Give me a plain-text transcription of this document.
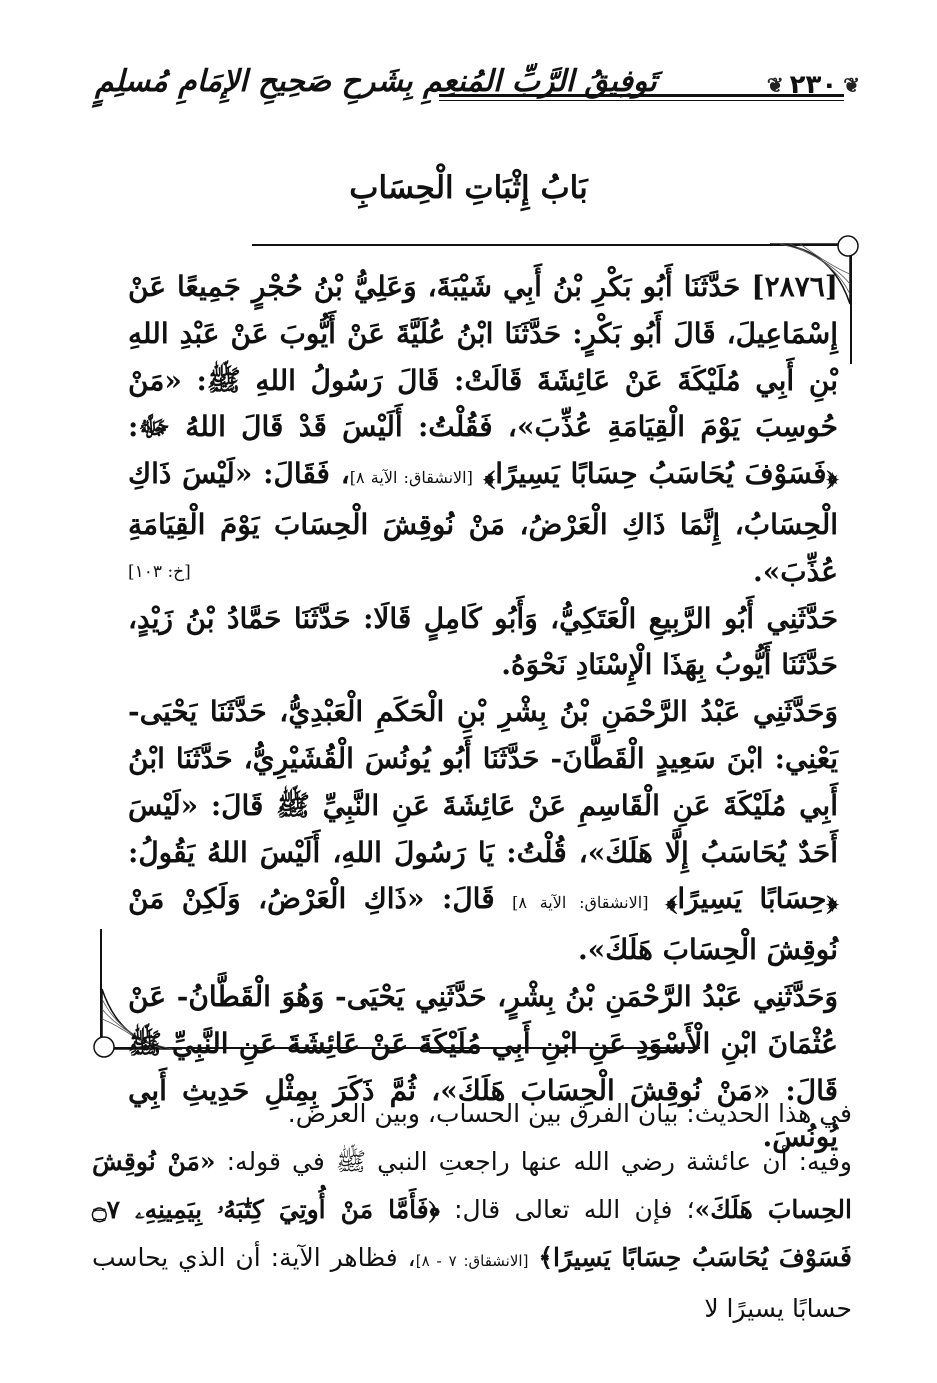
تَوفِيقُ الرَّبِّ المُنعِمِ بِشَرحِ صَحِيحِ الإِمَامِ مُسلِمٍ	❦
٢٣٠
❦
بَابُ إِثْبَاتِ الْحِسَابِ

[٢٨٧٦] حَدَّثَنَا أَبُو بَكْرِ بْنُ أَبِي شَيْبَةَ، وَعَلِيُّ بْنُ حُجْرٍ جَمِيعًا عَنْ إِسْمَاعِيلَ، قَالَ أَبُو بَكْرٍ: حَدَّثَنَا ابْنُ عُلَيَّةَ عَنْ أَيُّوبَ عَنْ عَبْدِ اللهِ بْنِ أَبِي مُلَيْكَةَ عَنْ عَائِشَةَ قَالَتْ: قَالَ رَسُولُ اللهِ ﷺ: «مَنْ حُوسِبَ يَوْمَ الْقِيَامَةِ عُذِّبَ»، فَقُلْتُ: أَلَيْسَ قَدْ قَالَ اللهُ ﷻ: ﴿فَسَوْفَ يُحَاسَبُ حِسَابًا يَسِيرًا﴾ [الانشقاق: الآية ٨]، فَقَالَ: «لَيْسَ ذَاكِ الْحِسَابُ، إِنَّمَا ذَاكِ الْعَرْضُ، مَنْ نُوقِشَ الْحِسَابَ يَوْمَ الْقِيَامَةِ عُذِّبَ».
[خ: ١٠٣]

حَدَّثَنِي أَبُو الرَّبِيعِ الْعَتَكِيُّ، وَأَبُو كَامِلٍ قَالَا: حَدَّثَنَا حَمَّادُ بْنُ زَيْدٍ، حَدَّثَنَا أَيُّوبُ بِهَذَا الْإِسْنَادِ نَحْوَهُ.

وَحَدَّثَنِي عَبْدُ الرَّحْمَنِ بْنُ بِشْرِ بْنِ الْحَكَمِ الْعَبْدِيُّ، حَدَّثَنَا يَحْيَى- يَعْنِي: ابْنَ سَعِيدٍ الْقَطَّانَ- حَدَّثَنَا أَبُو يُونُسَ الْقُشَيْرِيُّ، حَدَّثَنَا ابْنُ أَبِي مُلَيْكَةَ عَنِ الْقَاسِمِ عَنْ عَائِشَةَ عَنِ النَّبِيِّ ﷺ قَالَ: «لَيْسَ أَحَدٌ يُحَاسَبُ إِلَّا هَلَكَ»، قُلْتُ: يَا رَسُولَ اللهِ، أَلَيْسَ اللهُ يَقُولُ: ﴿حِسَابًا يَسِيرًا﴾ [الانشقاق: الآية ٨] قَالَ: «ذَاكِ الْعَرْضُ، وَلَكِنْ مَنْ نُوقِشَ الْحِسَابَ هَلَكَ».

وَحَدَّثَنِي عَبْدُ الرَّحْمَنِ بْنُ بِشْرٍ، حَدَّثَنِي يَحْيَى- وَهُوَ الْقَطَّانُ- عَنْ عُثْمَانَ ابْنِ الْأَسْوَدِ عَنِ ابْنِ أَبِي مُلَيْكَةَ عَنْ عَائِشَةَ عَنِ النَّبِيِّ ﷺ قَالَ: «مَنْ نُوقِشَ الْحِسَابَ هَلَكَ»، ثُمَّ ذَكَرَ بِمِثْلِ حَدِيثِ أَبِي يُونُسَ.

في هذا الحديث: بيان الفرق بين الحساب، وبين العرض.

وفيه: أن عائشة رضي الله عنها راجعتِ النبي ﷺ في قوله: «مَنْ نُوقِشَ الحِسابَ هَلَكَ»؛ فإن الله تعالى قال: ﴿فَأَمَّا مَنْ أُوتِيَ كِتَٰبَهُۥ بِيَمِينِهِۦ ۝٧ فَسَوْفَ يُحَاسَبُ حِسَابًا يَسِيرًا﴾ [الانشقاق: ٧ - ٨]، فظاهر الآية: أن الذي يحاسب حسابًا يسيرًا لا
